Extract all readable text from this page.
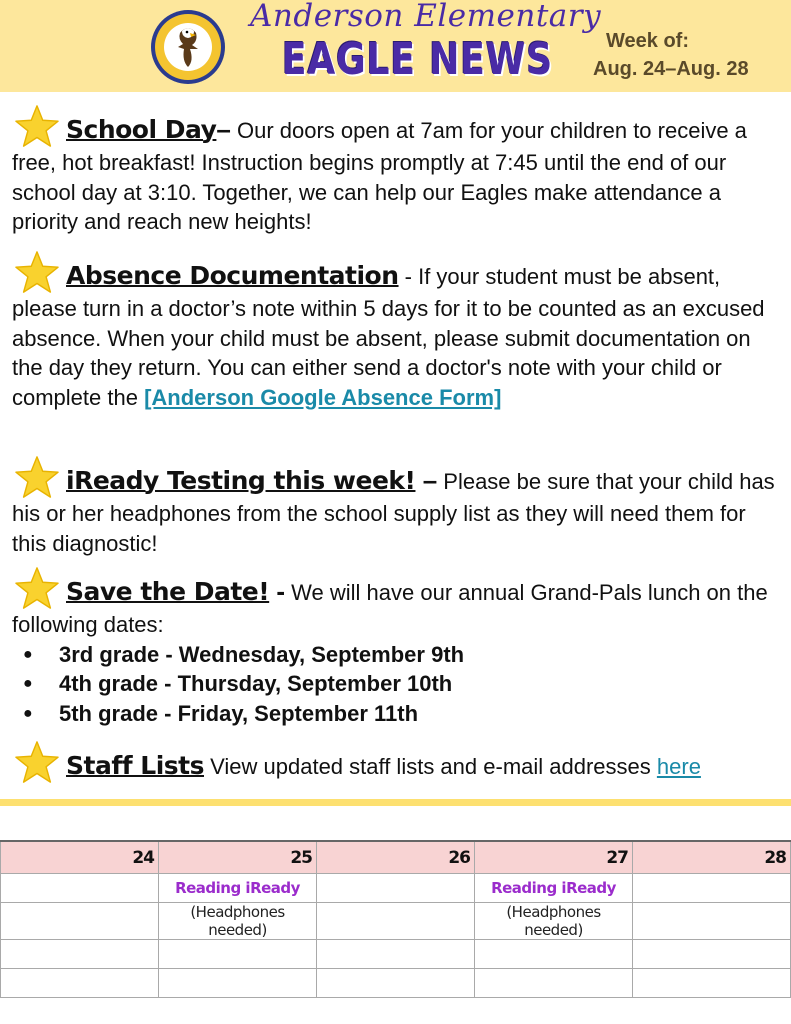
Anderson Elementary
EAGLE NEWS	Week of:
Aug. 24–Aug. 28
School Day– Our doors open at 7am for your children to receive a free, hot breakfast! Instruction begins promptly at 7:45 until the end of our school day at 3:10. Together, we can help our Eagles make attendance a priority and reach new heights!
Absence Documentation - If your student must be absent, please turn in a doctor’s note within 5 days for it to be counted as an excused absence. When your child must be absent, please submit documentation on the day they return. You can either send a doctor's note with your child or complete the [Anderson Google Absence Form]
iReady Testing this week! – Please be sure that your child has his or her headphones from the school supply list as they will need them for this diagnostic!
Save the Date! - We will have our annual Grand-Pals lunch on the following dates:
● 3rd grade - Wednesday, September 9th
● 4th grade - Thursday, September 10th
● 5th grade - Friday, September 11th
Staff Lists View updated staff lists and e-mail addresses here
24	25	26	27	28
	Reading iReady		Reading iReady	
	(Headphones needed)		(Headphones needed)	
